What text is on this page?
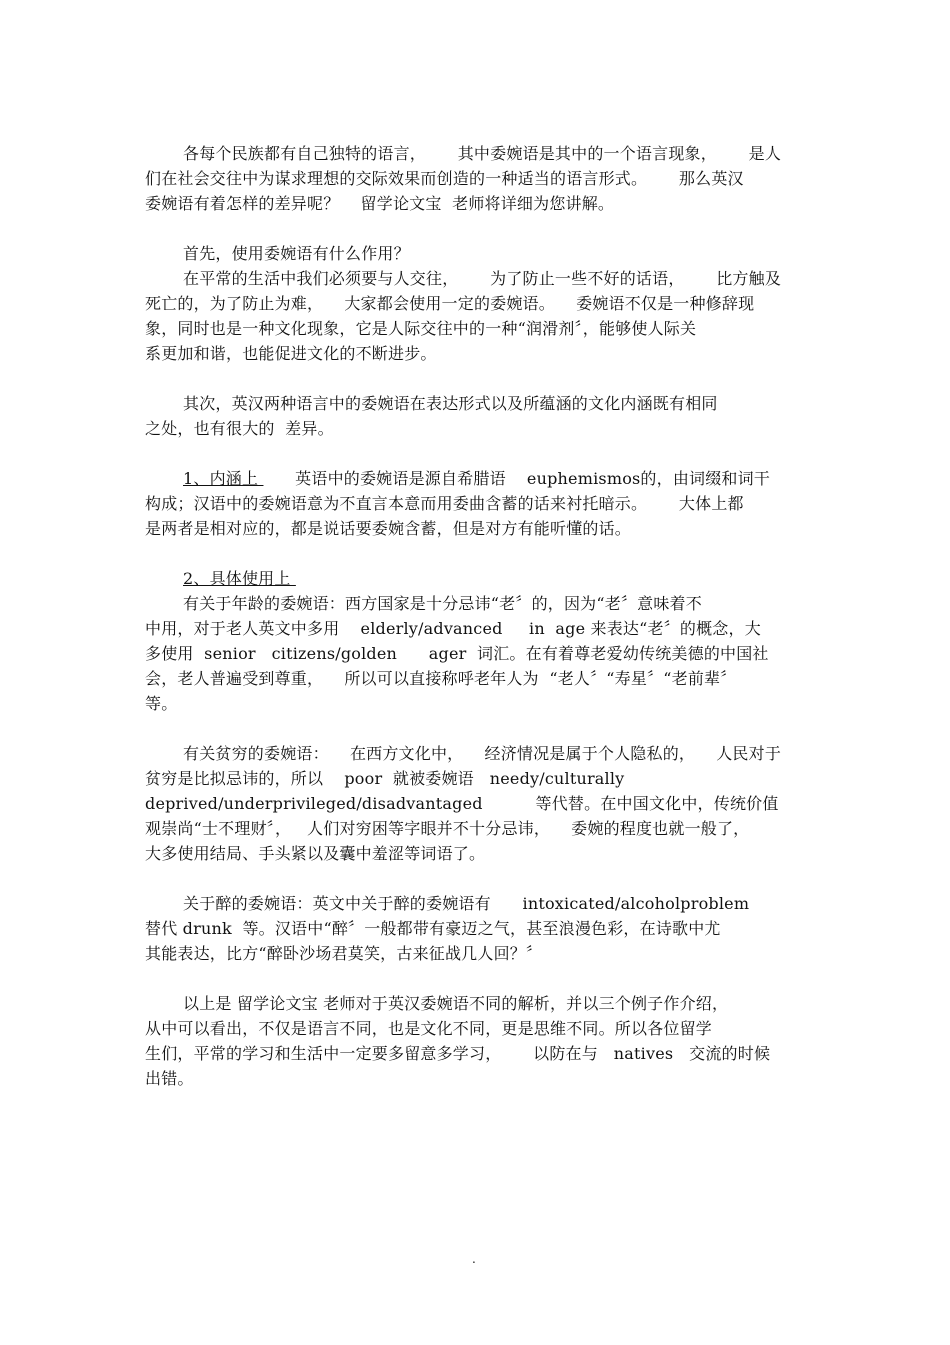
各每个民族都有自己独特的语言，      其中委婉语是其中的一个语言现象，      是人
们在社会交往中为谋求理想的交际效果而创造的一种适当的语言形式。      那么英汉
委婉语有着怎样的差异呢？    留学论文宝  老师将详细为您讲解。
首先，使用委婉语有什么作用？
在平常的生活中我们必须要与人交往，      为了防止一些不好的话语，      比方触及
死亡的，为了防止为难，    大家都会使用一定的委婉语。    委婉语不仅是一种修辞现
象，同时也是一种文化现象，它是人际交往中的一种“润滑剂〞，能够使人际关
系更加和谐，也能促进文化的不断进步。
其次，英汉两种语言中的委婉语在表达形式以及所蕴涵的文化内涵既有相同
之处，也有很大的  差异。
1、内涵上       英语中的委婉语是源自希腊语    euphemismos的，由词缀和词干
构成；汉语中的委婉语意为不直言本意而用委曲含蓄的话来衬托暗示。      大体上都
是两者是相对应的，都是说话要委婉含蓄，但是对方有能听懂的话。
2、具体使用上
有关于年龄的委婉语：西方国家是十分忌讳“老〞的，因为“老〞意味着不
中用，对于老人英文中多用    elderly/advanced     in  age 来表达“老〞的概念，大
多使用  senior   citizens/golden      ager  词汇。在有着尊老爱幼传统美德的中国社
会，老人普遍受到尊重，    所以可以直接称呼老年人为  “老人〞“寿星〞“老前辈〞
等。
有关贫穷的委婉语：    在西方文化中，    经济情况是属于个人隐私的，    人民对于
贫穷是比拟忌讳的，所以    poor  就被委婉语   needy/culturally
deprived/underprivileged/disadvantaged          等代替。在中国文化中，传统价值
观崇尚“士不理财〞，   人们对穷困等字眼并不十分忌讳，    委婉的程度也就一般了，
大多使用结局、手头紧以及囊中羞涩等词语了。
关于醉的委婉语：英文中关于醉的委婉语有      intoxicated/alcoholproblem
替代 drunk  等。汉语中“醉〞一般都带有豪迈之气，甚至浪漫色彩，在诗歌中尤
其能表达，比方“醉卧沙场君莫笑，古来征战几人回？〞
以上是 留学论文宝 老师对于英汉委婉语不同的解析，并以三个例子作介绍，
从中可以看出，不仅是语言不同，也是文化不同，更是思维不同。所以各位留学
生们，平常的学习和生活中一定要多留意多学习，      以防在与   natives   交流的时候
出错。
.
